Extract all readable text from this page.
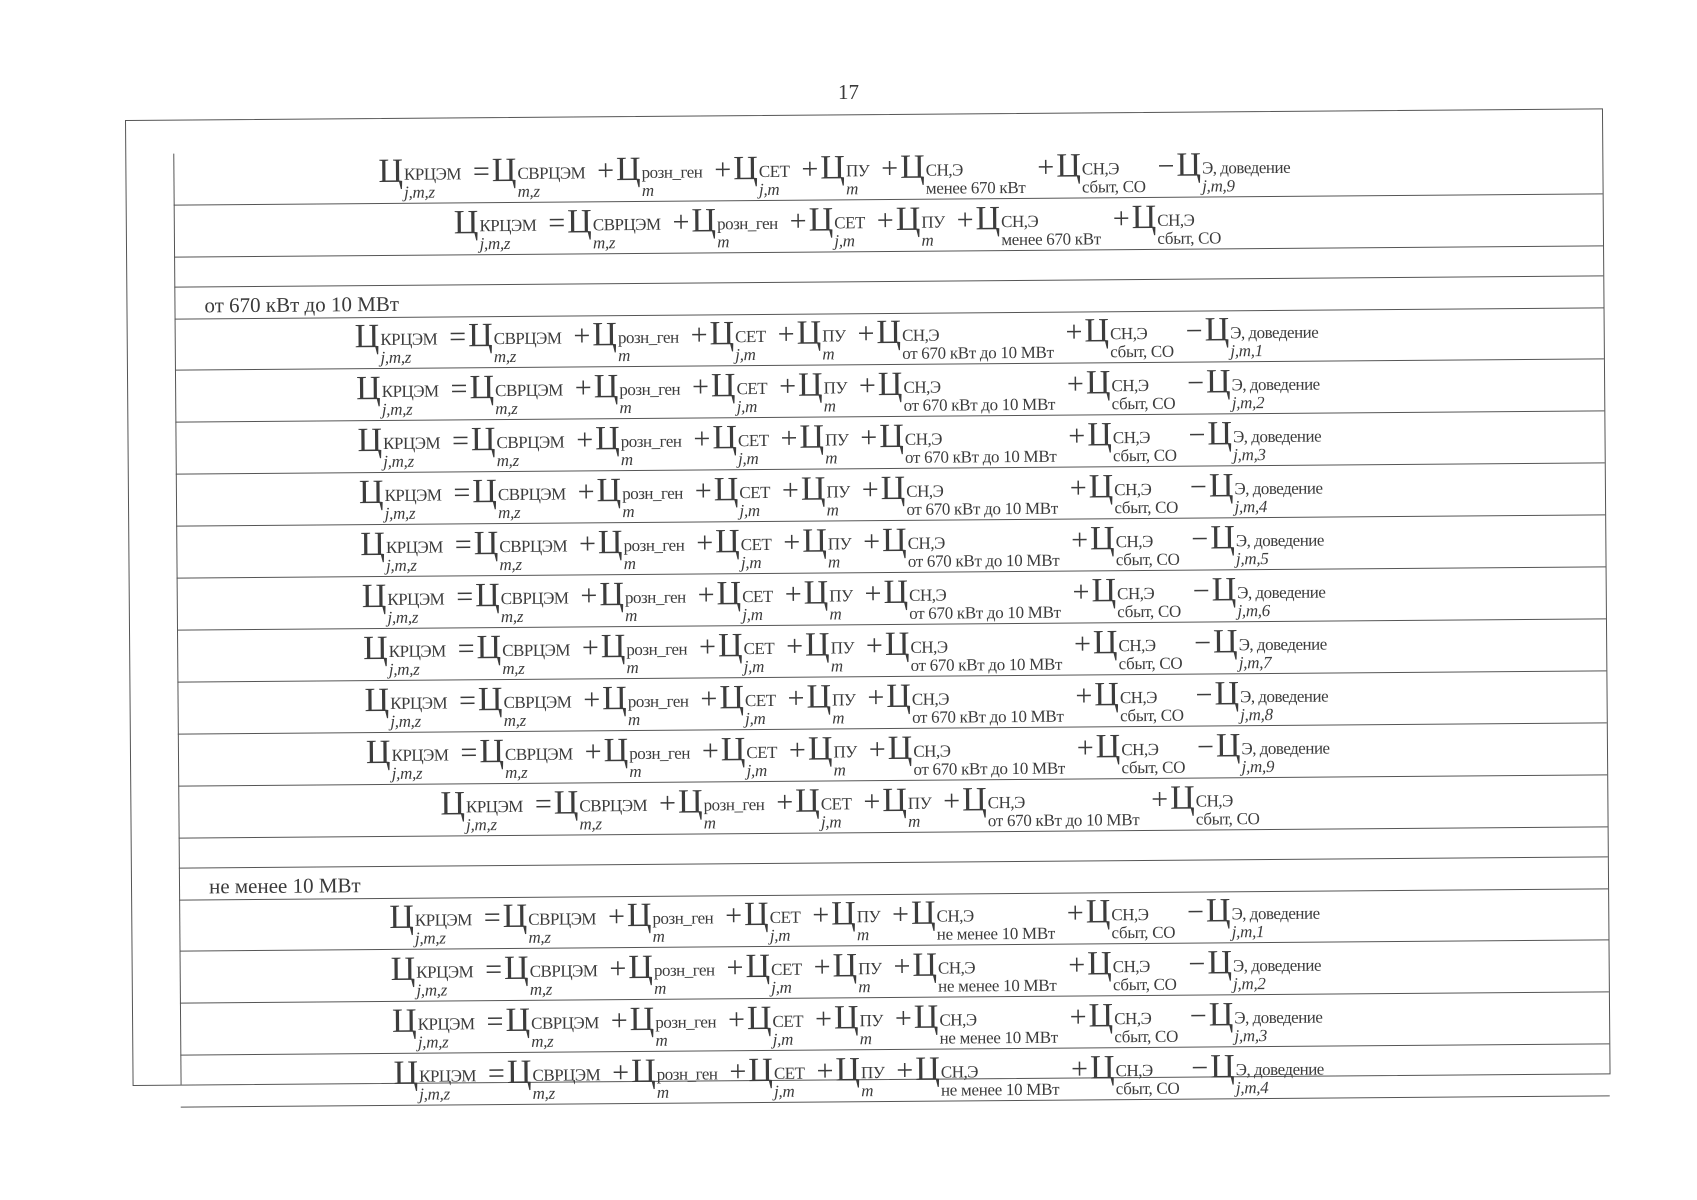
17
Ц КРЦЭМ
j,m,z
= Ц СВРЦЭМ
m,z
+ Ц розн_ген
m
+ Ц СЕТ
j,m
+ Ц ПУ
m
+ Ц СН,Э
менее 670 кВт
+ Ц СН,Э
сбыт, СО
− Ц Э, доведение
j,m,9
Ц КРЦЭМ
j,m,z
= Ц СВРЦЭМ
m,z
+ Ц розн_ген
m
+ Ц СЕТ
j,m
+ Ц ПУ
m
+ Ц СН,Э
менее 670 кВт
+ Ц СН,Э
сбыт, СО
от 670 кВт до 10 МВт
Ц КРЦЭМ
j,m,z
= Ц СВРЦЭМ
m,z
+ Ц розн_ген
m
+ Ц СЕТ
j,m
+ Ц ПУ
m
+ Ц СН,Э
от 670 кВт до 10 МВт
+ Ц СН,Э
сбыт, СО
− Ц Э, доведение
j,m,1
Ц КРЦЭМ
j,m,z
= Ц СВРЦЭМ
m,z
+ Ц розн_ген
m
+ Ц СЕТ
j,m
+ Ц ПУ
m
+ Ц СН,Э
от 670 кВт до 10 МВт
+ Ц СН,Э
сбыт, СО
− Ц Э, доведение
j,m,2
Ц КРЦЭМ
j,m,z
= Ц СВРЦЭМ
m,z
+ Ц розн_ген
m
+ Ц СЕТ
j,m
+ Ц ПУ
m
+ Ц СН,Э
от 670 кВт до 10 МВт
+ Ц СН,Э
сбыт, СО
− Ц Э, доведение
j,m,3
Ц КРЦЭМ
j,m,z
= Ц СВРЦЭМ
m,z
+ Ц розн_ген
m
+ Ц СЕТ
j,m
+ Ц ПУ
m
+ Ц СН,Э
от 670 кВт до 10 МВт
+ Ц СН,Э
сбыт, СО
− Ц Э, доведение
j,m,4
Ц КРЦЭМ
j,m,z
= Ц СВРЦЭМ
m,z
+ Ц розн_ген
m
+ Ц СЕТ
j,m
+ Ц ПУ
m
+ Ц СН,Э
от 670 кВт до 10 МВт
+ Ц СН,Э
сбыт, СО
− Ц Э, доведение
j,m,5
Ц КРЦЭМ
j,m,z
= Ц СВРЦЭМ
m,z
+ Ц розн_ген
m
+ Ц СЕТ
j,m
+ Ц ПУ
m
+ Ц СН,Э
от 670 кВт до 10 МВт
+ Ц СН,Э
сбыт, СО
− Ц Э, доведение
j,m,6
Ц КРЦЭМ
j,m,z
= Ц СВРЦЭМ
m,z
+ Ц розн_ген
m
+ Ц СЕТ
j,m
+ Ц ПУ
m
+ Ц СН,Э
от 670 кВт до 10 МВт
+ Ц СН,Э
сбыт, СО
− Ц Э, доведение
j,m,7
Ц КРЦЭМ
j,m,z
= Ц СВРЦЭМ
m,z
+ Ц розн_ген
m
+ Ц СЕТ
j,m
+ Ц ПУ
m
+ Ц СН,Э
от 670 кВт до 10 МВт
+ Ц СН,Э
сбыт, СО
− Ц Э, доведение
j,m,8
Ц КРЦЭМ
j,m,z
= Ц СВРЦЭМ
m,z
+ Ц розн_ген
m
+ Ц СЕТ
j,m
+ Ц ПУ
m
+ Ц СН,Э
от 670 кВт до 10 МВт
+ Ц СН,Э
сбыт, СО
− Ц Э, доведение
j,m,9
Ц КРЦЭМ
j,m,z
= Ц СВРЦЭМ
m,z
+ Ц розн_ген
m
+ Ц СЕТ
j,m
+ Ц ПУ
m
+ Ц СН,Э
от 670 кВт до 10 МВт
+ Ц СН,Э
сбыт, СО
не менее 10 МВт
Ц КРЦЭМ
j,m,z
= Ц СВРЦЭМ
m,z
+ Ц розн_ген
m
+ Ц СЕТ
j,m
+ Ц ПУ
m
+ Ц СН,Э
не менее 10 МВт
+ Ц СН,Э
сбыт, СО
− Ц Э, доведение
j,m,1
Ц КРЦЭМ
j,m,z
= Ц СВРЦЭМ
m,z
+ Ц розн_ген
m
+ Ц СЕТ
j,m
+ Ц ПУ
m
+ Ц СН,Э
не менее 10 МВт
+ Ц СН,Э
сбыт, СО
− Ц Э, доведение
j,m,2
Ц КРЦЭМ
j,m,z
= Ц СВРЦЭМ
m,z
+ Ц розн_ген
m
+ Ц СЕТ
j,m
+ Ц ПУ
m
+ Ц СН,Э
не менее 10 МВт
+ Ц СН,Э
сбыт, СО
− Ц Э, доведение
j,m,3
Ц КРЦЭМ
j,m,z
= Ц СВРЦЭМ
m,z
+ Ц розн_ген
m
+ Ц СЕТ
j,m
+ Ц ПУ
m
+ Ц СН,Э
не менее 10 МВт
+ Ц СН,Э
сбыт, СО
− Ц Э, доведение
j,m,4
